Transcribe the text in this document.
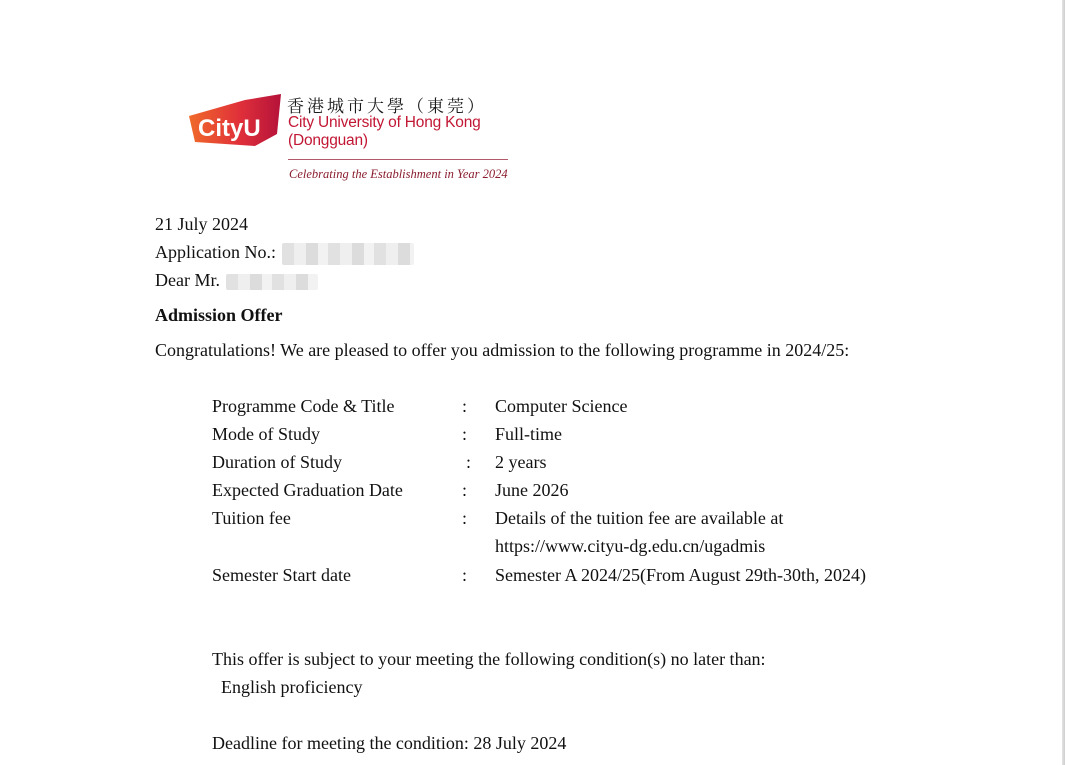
CityU
香港城市大學（東莞）
City University of Hong Kong
(Dongguan)
Celebrating the Establishment in Year 2024
21 July 2024
Application No.:
Dear Mr.
Admission Offer
Congratulations! We are pleased to offer you admission to the following programme in 2024/25:
Programme Code & Title	: Computer Science
Mode of Study	: Full-time
Duration of Study	: 2 years
Expected Graduation Date	: June 2026
Tuition fee	: Details of the tuition fee are available at
https://www.cityu-dg.edu.cn/ugadmis
Semester Start date	: Semester A 2024/25(From August 29th-30th, 2024)
This offer is subject to your meeting the following condition(s) no later than:
English proficiency
Deadline for meeting the condition: 28 July 2024
